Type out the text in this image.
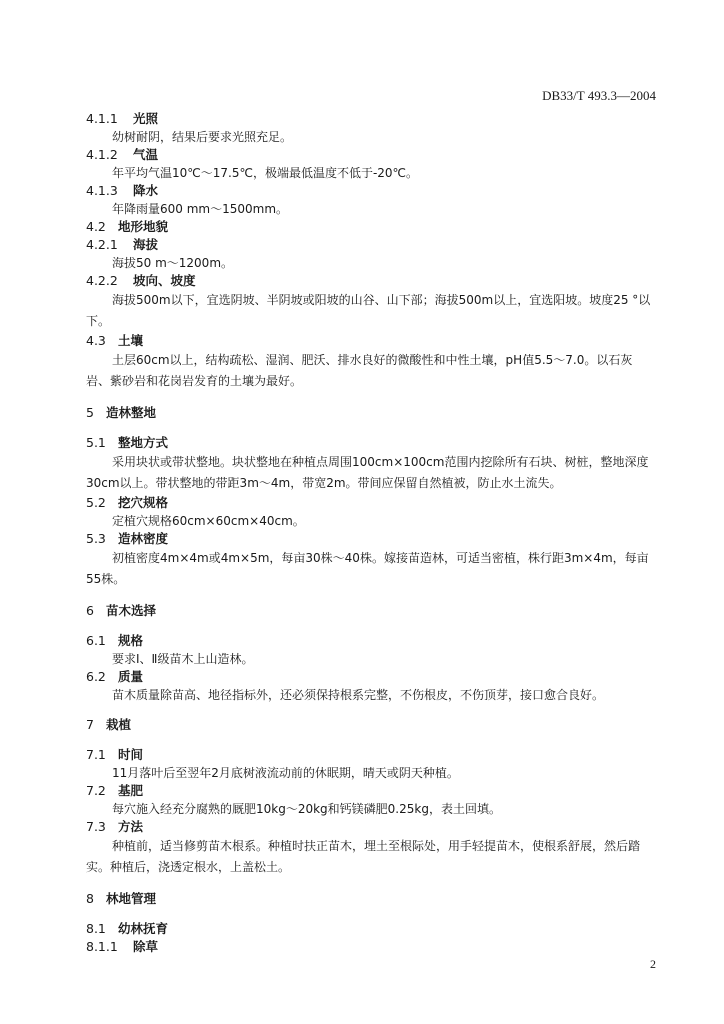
DB33/T 493.3—2004
4.1.1 光照

幼树耐阴，结果后要求光照充足。

4.1.2 气温

年平均气温10℃～17.5℃，极端最低温度不低于-20℃。

4.1.3 降水

年降雨量600 mm～1500mm。

4.2 地形地貌
4.2.1 海拔

海拔50 m～1200m。

4.2.2 坡向、坡度

海拔500m以下，宜选阴坡、半阴坡或阳坡的山谷、山下部；海拔500m以上，宜选阳坡。坡度25 °以下。

4.3 土壤

土层60cm以上，结构疏松、湿润、肥沃、排水良好的微酸性和中性土壤，pH值5.5～7.0。以石灰岩、紫砂岩和花岗岩发育的土壤为最好。

5 造林整地
5.1 整地方式

采用块状或带状整地。块状整地在种植点周围100cm×100cm范围内挖除所有石块、树桩，整地深度30cm以上。带状整地的带距3m～4m，带宽2m。带间应保留自然植被，防止水土流失。

5.2 挖穴规格

定植穴规格60cm×60cm×40cm。

5.3 造林密度

初植密度4m×4m或4m×5m，每亩30株～40株。嫁接苗造林，可适当密植，株行距3m×4m，每亩55株。

6 苗木选择
6.1 规格

要求Ⅰ、Ⅱ级苗木上山造林。

6.2 质量

苗木质量除苗高、地径指标外，还必须保持根系完整，不伤根皮，不伤顶芽，接口愈合良好。

7 栽植
7.1 时间

11月落叶后至翌年2月底树液流动前的休眠期，晴天或阴天种植。

7.2 基肥

每穴施入经充分腐熟的厩肥10kg～20kg和钙镁磷肥0.25kg，表土回填。

7.3 方法

种植前，适当修剪苗木根系。种植时扶正苗木，埋土至根际处，用手轻提苗木，使根系舒展，然后踏实。种植后，浇透定根水，上盖松土。

8 林地管理
8.1 幼林抚育
8.1.1 除草
2
